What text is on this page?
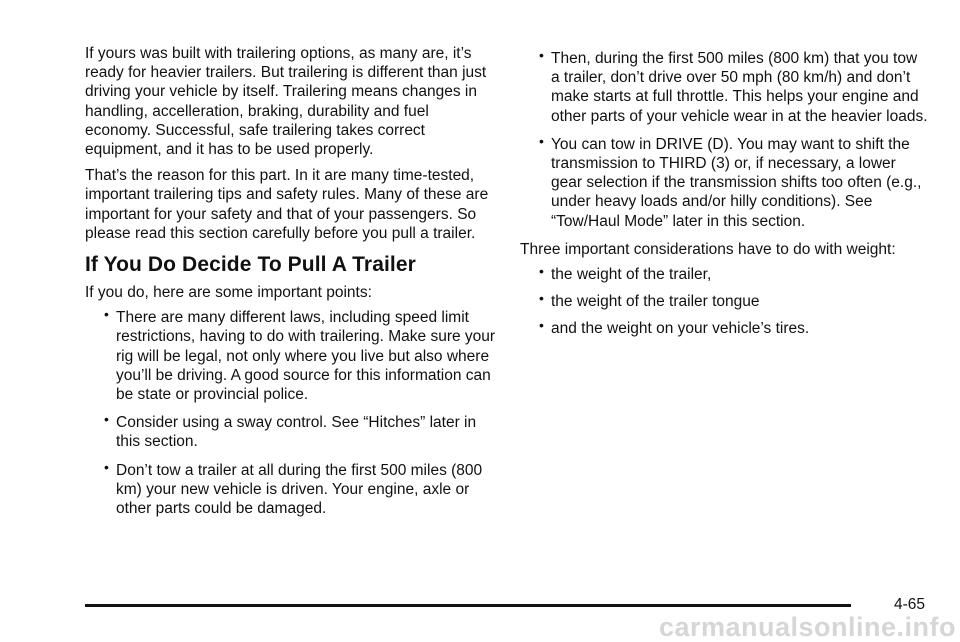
If yours was built with trailering options, as many are, it’s ready for heavier trailers. But trailering is different than just driving your vehicle by itself. Trailering means changes in handling, accelleration, braking, durability and fuel economy. Successful, safe trailering takes correct equipment, and it has to be used properly.

That’s the reason for this part. In it are many time-tested, important trailering tips and safety rules. Many of these are important for your safety and that of your passengers. So please read this section carefully before you pull a trailer.

If You Do Decide To Pull A Trailer

If you do, here are some important points:

• There are many different laws, including speed limit restrictions, having to do with trailering. Make sure your rig will be legal, not only where you live but also where you’ll be driving. A good source for this information can be state or provincial police.
• Consider using a sway control. See “Hitches” later in this section.
• Don’t tow a trailer at all during the first 500 miles (800 km) your new vehicle is driven. Your engine, axle or other parts could be damaged.
• Then, during the first 500 miles (800 km) that you tow a trailer, don’t drive over 50 mph (80 km/h) and don’t make starts at full throttle. This helps your engine and other parts of your vehicle wear in at the heavier loads.
• You can tow in DRIVE (D). You may want to shift the transmission to THIRD (3) or, if necessary, a lower gear selection if the transmission shifts too often (e.g., under heavy loads and/or hilly conditions). See “Tow/Haul Mode” later in this section.

Three important considerations have to do with weight:

• the weight of the trailer,
• the weight of the trailer tongue
• and the weight on your vehicle’s tires.
4-65
carmanualsonline.info
